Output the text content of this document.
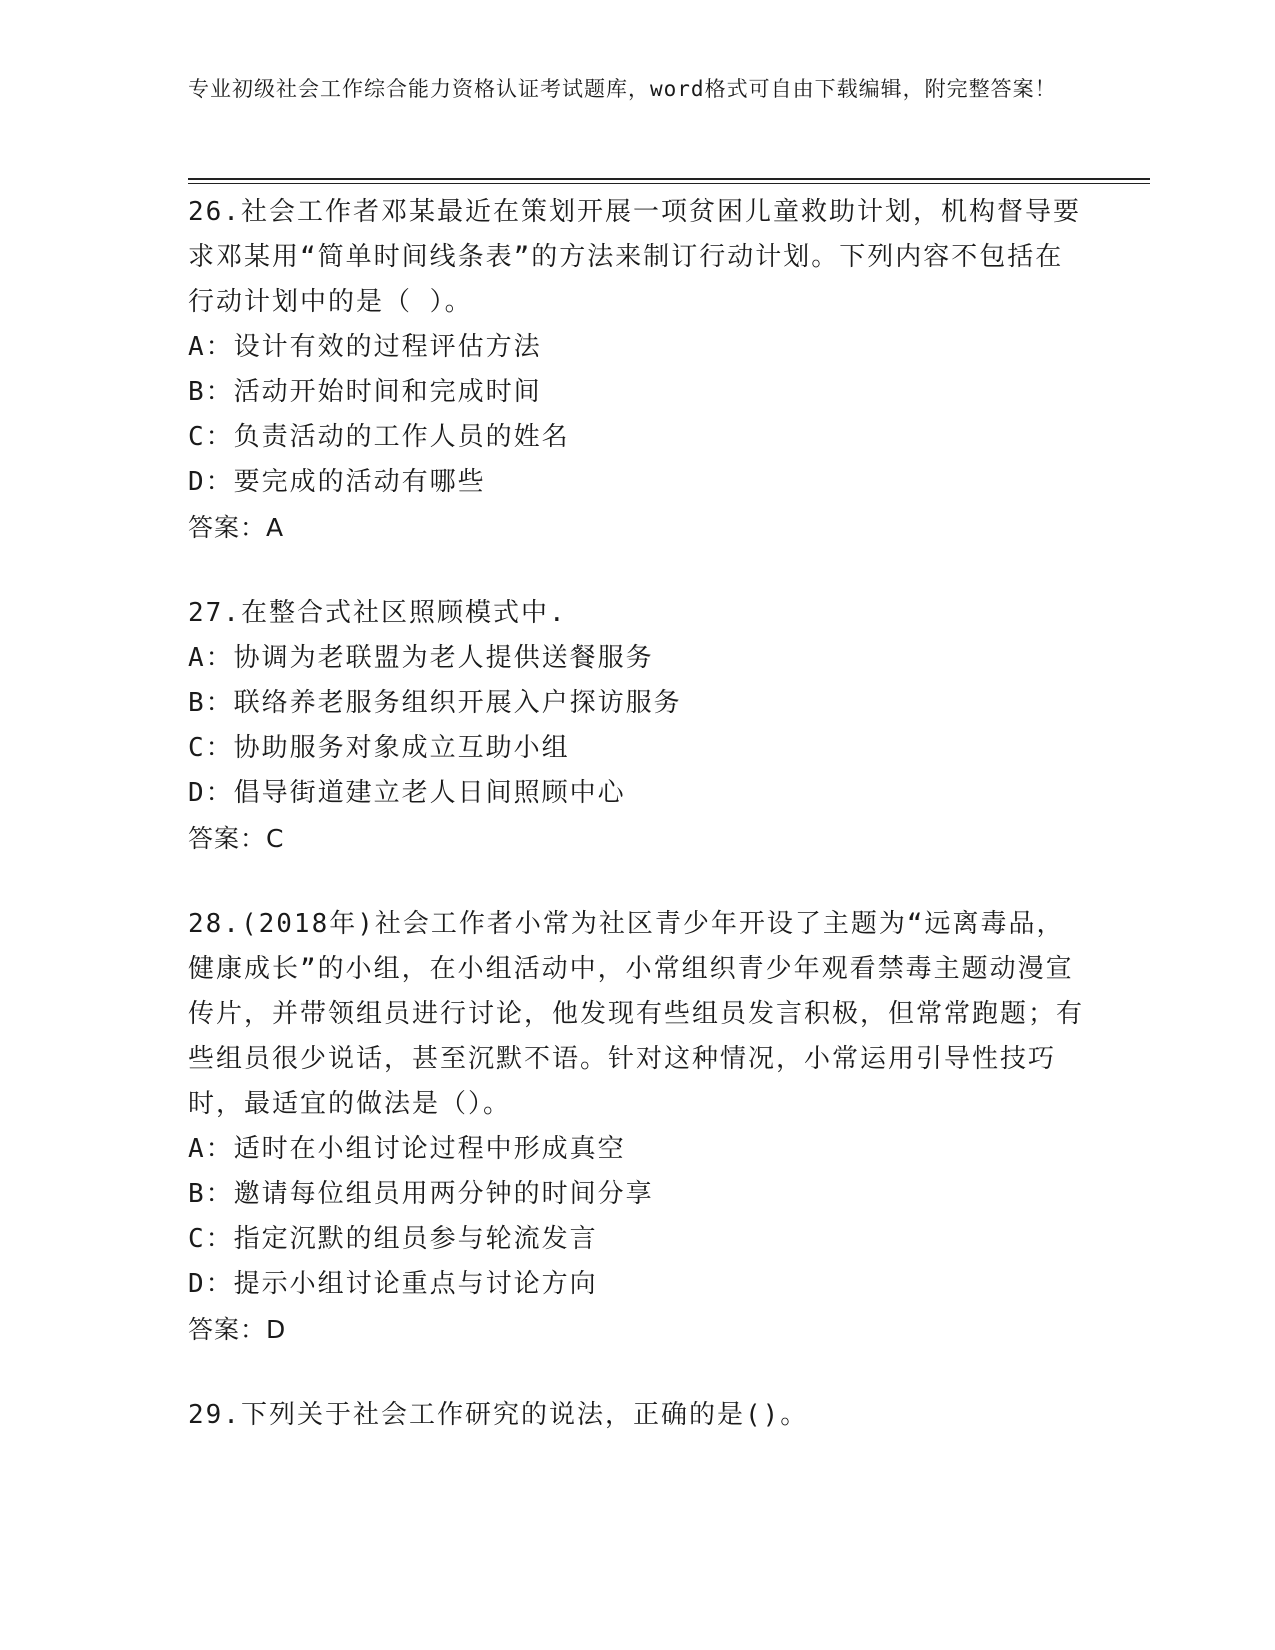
专业初级社会工作综合能力资格认证考试题库，word格式可自由下载编辑，附完整答案！

26.社会工作者邓某最近在策划开展一项贫困儿童救助计划，机构督导要求邓某用“简单时间线条表”的方法来制订行动计划。下列内容不包括在行动计划中的是（ ）。

A：设计有效的过程评估方法

B：活动开始时间和完成时间

C：负责活动的工作人员的姓名

D：要完成的活动有哪些

答案：A

27.在整合式社区照顾模式中.

A：协调为老联盟为老人提供送餐服务

B：联络养老服务组织开展入户探访服务

C：协助服务对象成立互助小组

D：倡导街道建立老人日间照顾中心

答案：C

28.(2018年)社会工作者小常为社区青少年开设了主题为“远离毒品，健康成长”的小组，在小组活动中，小常组织青少年观看禁毒主题动漫宣传片，并带领组员进行讨论，他发现有些组员发言积极，但常常跑题；有些组员很少说话，甚至沉默不语。针对这种情况，小常运用引导性技巧时，最适宜的做法是（）。

A：适时在小组讨论过程中形成真空

B：邀请每位组员用两分钟的时间分享

C：指定沉默的组员参与轮流发言

D：提示小组讨论重点与讨论方向

答案：D

29.下列关于社会工作研究的说法，正确的是()。
